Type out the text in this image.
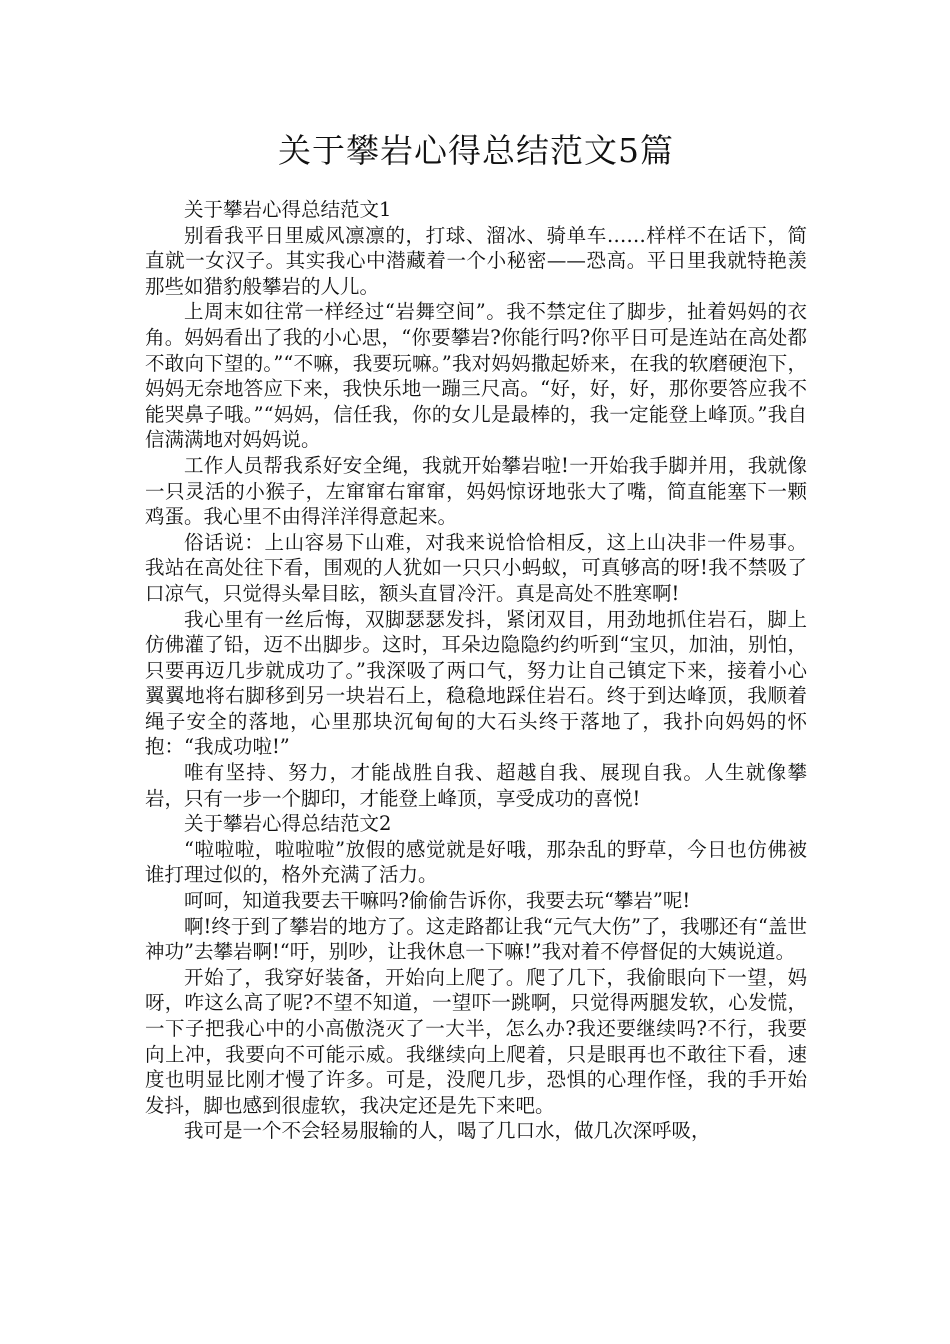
关于攀岩心得总结范文5篇

关于攀岩心得总结范文1

别看我平日里威风凛凛的，打球、溜冰、骑单车……样样不在话下，简直就一女汉子。其实我心中潜藏着一个小秘密——恐高。平日里我就特艳羡那些如猎豹般攀岩的人儿。

上周末如往常一样经过“岩舞空间”。我不禁定住了脚步，扯着妈妈的衣角。妈妈看出了我的小心思，“你要攀岩?你能行吗?你平日可是连站在高处都不敢向下望的。”“不嘛，我要玩嘛。”我对妈妈撒起娇来，在我的软磨硬泡下，妈妈无奈地答应下来，我快乐地一蹦三尺高。“好，好，好，那你要答应我不能哭鼻子哦。”“妈妈，信任我，你的女儿是最棒的，我一定能登上峰顶。”我自信满满地对妈妈说。

工作人员帮我系好安全绳，我就开始攀岩啦!一开始我手脚并用，我就像一只灵活的小猴子，左窜窜右窜窜，妈妈惊讶地张大了嘴，简直能塞下一颗鸡蛋。我心里不由得洋洋得意起来。

俗话说：上山容易下山难，对我来说恰恰相反，这上山决非一件易事。我站在高处往下看，围观的人犹如一只只小蚂蚁，可真够高的呀!我不禁吸了口凉气，只觉得头晕目眩，额头直冒冷汗。真是高处不胜寒啊!

我心里有一丝后悔，双脚瑟瑟发抖，紧闭双目，用劲地抓住岩石，脚上仿佛灌了铅，迈不出脚步。这时，耳朵边隐隐约约听到“宝贝，加油，别怕，只要再迈几步就成功了。”我深吸了两口气，努力让自己镇定下来，接着小心翼翼地将右脚移到另一块岩石上，稳稳地踩住岩石。终于到达峰顶，我顺着绳子安全的落地，心里那块沉甸甸的大石头终于落地了，我扑向妈妈的怀抱：“我成功啦!”

唯有坚持、努力，才能战胜自我、超越自我、展现自我。人生就像攀岩，只有一步一个脚印，才能登上峰顶，享受成功的喜悦!

关于攀岩心得总结范文2

“啦啦啦，啦啦啦”放假的感觉就是好哦，那杂乱的野草，今日也仿佛被谁打理过似的，格外充满了活力。

呵呵，知道我要去干嘛吗?偷偷告诉你，我要去玩“攀岩”呢!

啊!终于到了攀岩的地方了。这走路都让我“元气大伤”了，我哪还有“盖世神功”去攀岩啊!“吁，别吵，让我休息一下嘛!”我对着不停督促的大姨说道。

开始了，我穿好装备，开始向上爬了。爬了几下，我偷眼向下一望，妈呀，咋这么高了呢?不望不知道，一望吓一跳啊，只觉得两腿发软，心发慌，一下子把我心中的小高傲浇灭了一大半，怎么办?我还要继续吗?不行，我要向上冲，我要向不可能示威。我继续向上爬着，只是眼再也不敢往下看，速度也明显比刚才慢了许多。可是，没爬几步，恐惧的心理作怪，我的手开始发抖，脚也感到很虚软，我决定还是先下来吧。

我可是一个不会轻易服输的人，喝了几口水，做几次深呼吸，
